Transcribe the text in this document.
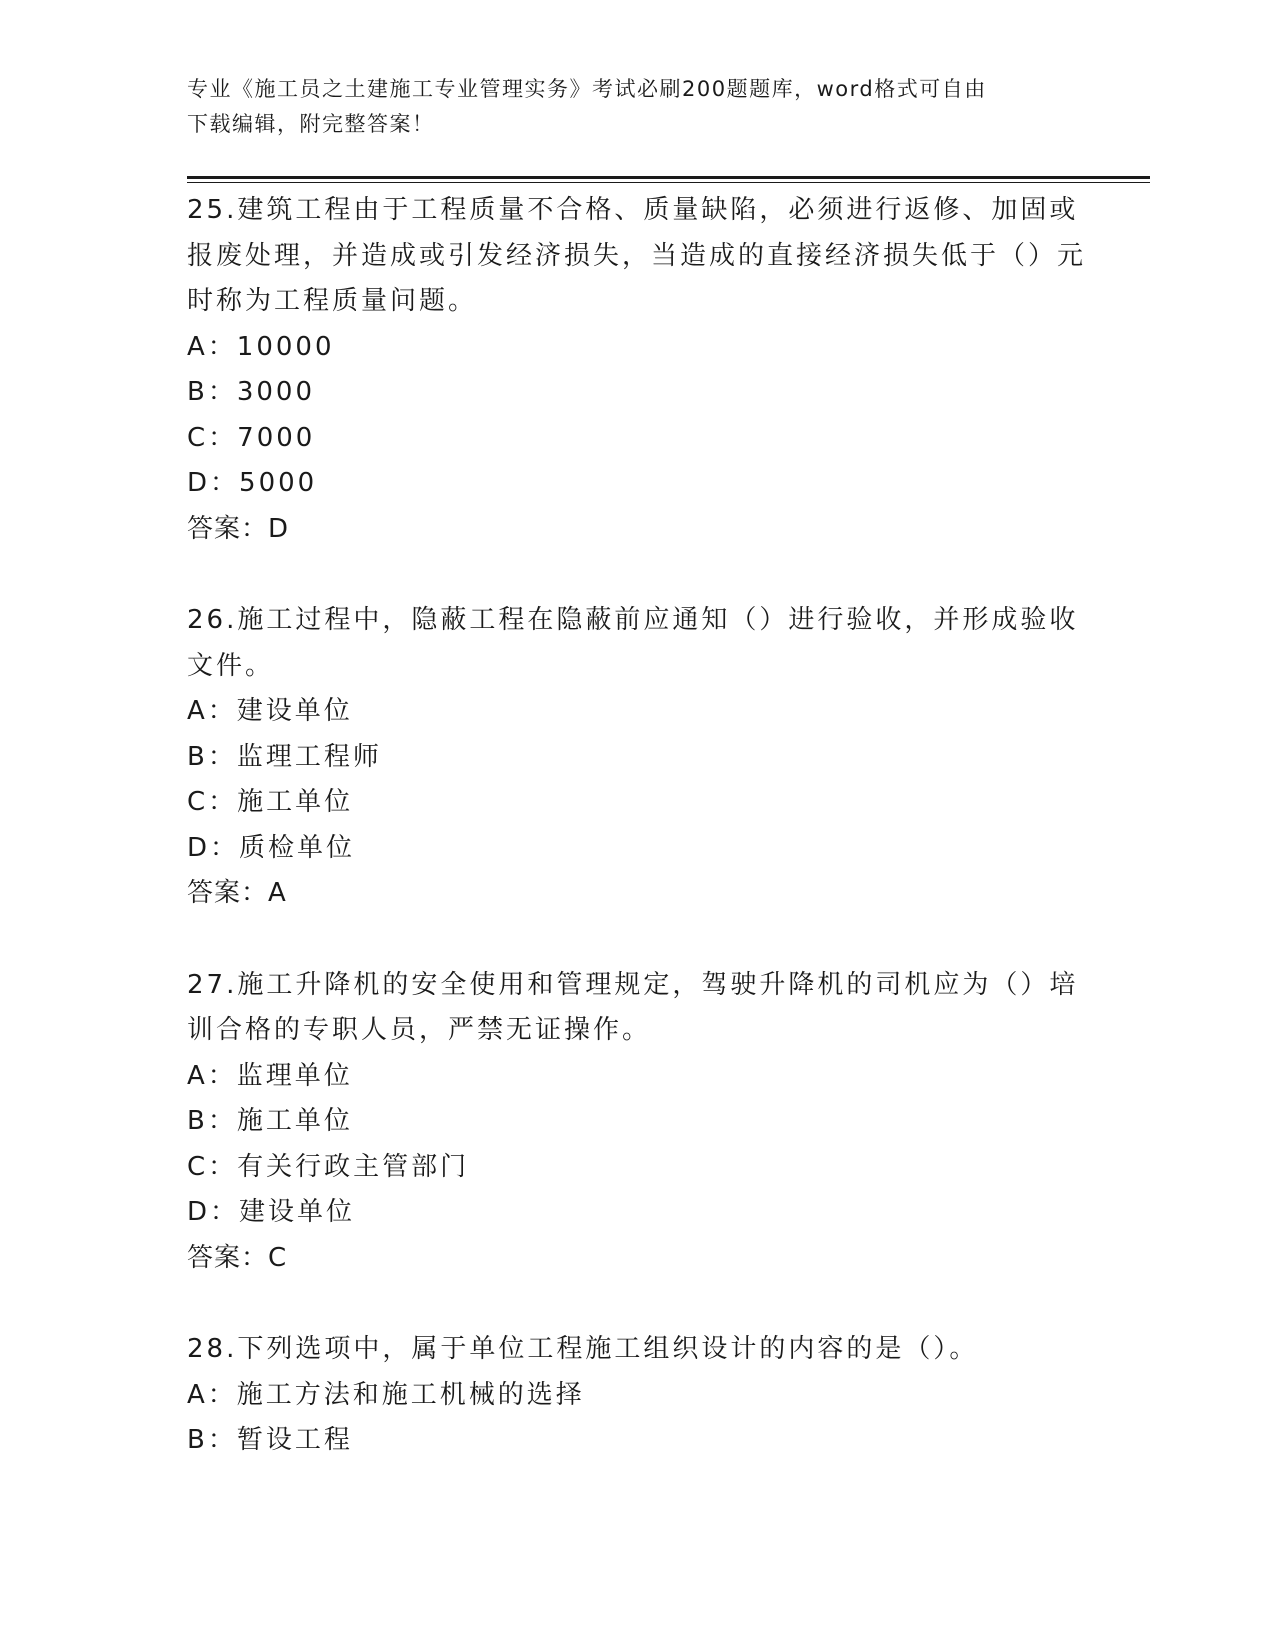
专业《施工员之土建施工专业管理实务》考试必刷200题题库，word格式可自由
下载编辑，附完整答案！

25.建筑工程由于工程质量不合格、质量缺陷，必须进行返修、加固或报废处理，并造成或引发经济损失，当造成的直接经济损失低于（）元时称为工程质量问题。

A：10000

B：3000

C：7000

D：5000

答案：D

26.施工过程中，隐蔽工程在隐蔽前应通知（）进行验收，并形成验收文件。

A：建设单位

B：监理工程师

C：施工单位

D：质检单位

答案：A

27.施工升降机的安全使用和管理规定，驾驶升降机的司机应为（）培训合格的专职人员，严禁无证操作。

A：监理单位

B：施工单位

C：有关行政主管部门

D：建设单位

答案：C

28.下列选项中，属于单位工程施工组织设计的内容的是（）。

A：施工方法和施工机械的选择

B：暂设工程
